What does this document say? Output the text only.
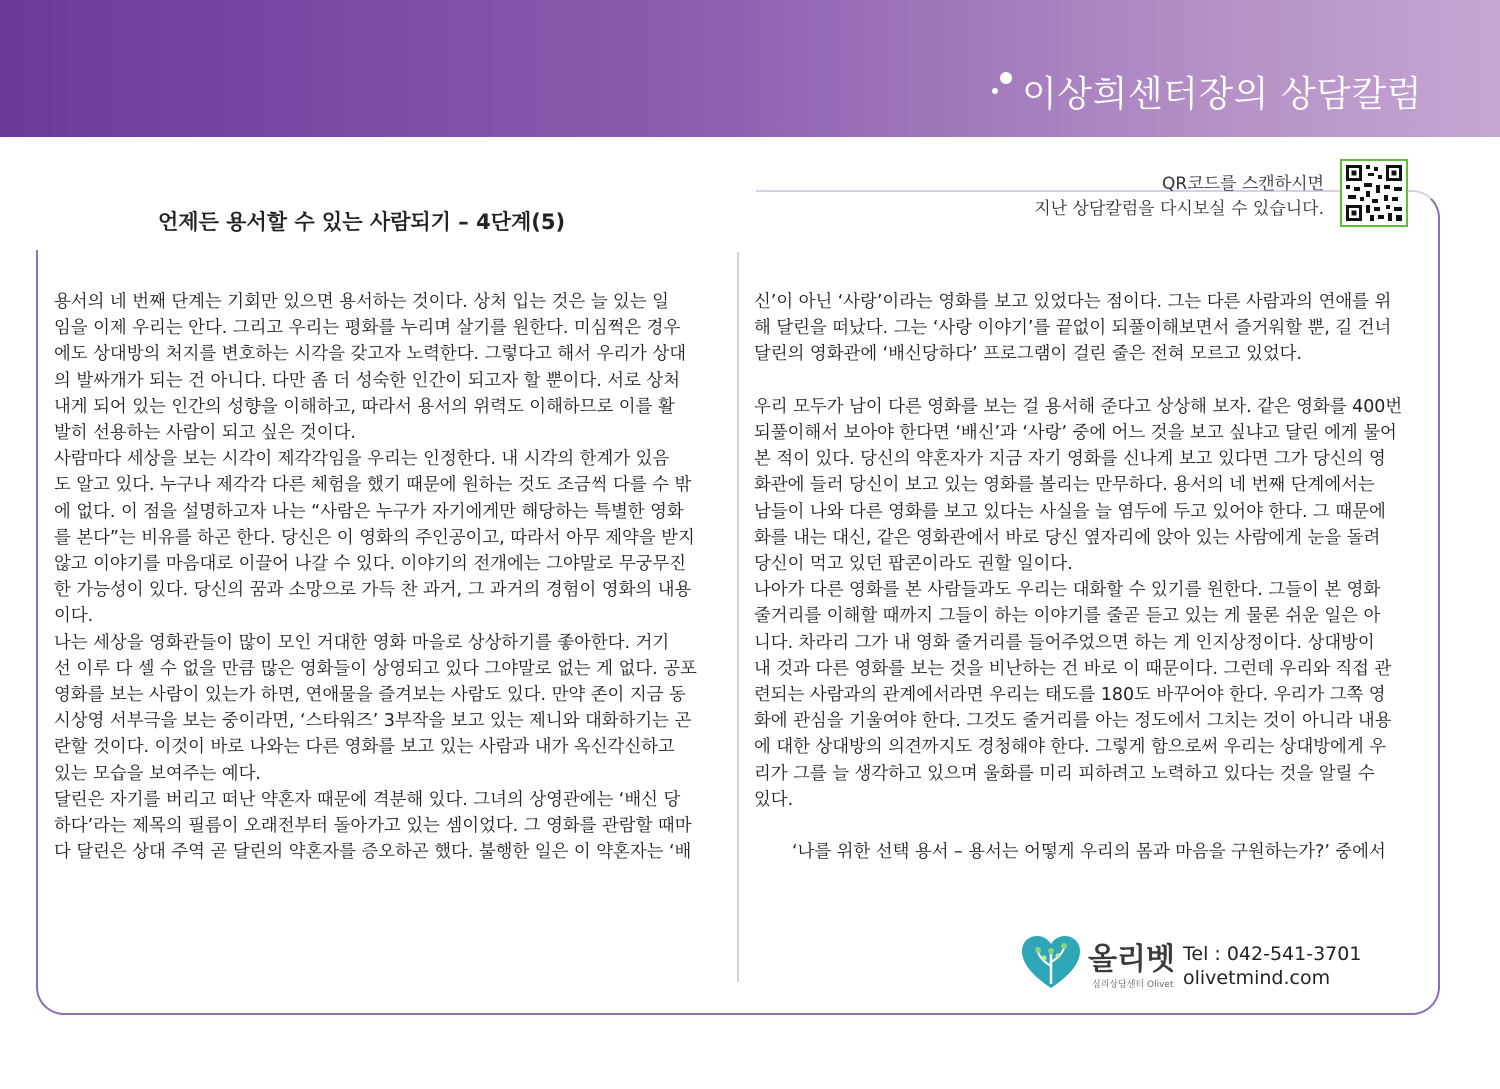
이상희센터장의 상담칼럼
언제든 용서할 수 있는 사람되기 – 4단계(5)
QR코드를 스캔하시면
지난 상담칼럼을 다시보실 수 있습니다.

용서의 네 번째 단계는 기회만 있으면 용서하는 것이다. 상처 입는 것은 늘 있는 일

임을 이제 우리는 안다. 그리고 우리는 평화를 누리며 살기를 원한다. 미심쩍은 경우

에도 상대방의 처지를 변호하는 시각을 갖고자 노력한다. 그렇다고 해서 우리가 상대

의 발싸개가 되는 건 아니다. 다만 좀 더 성숙한 인간이 되고자 할 뿐이다. 서로 상처

내게 되어 있는 인간의 성향을 이해하고, 따라서 용서의 위력도 이해하므로 이를 활

발히 선용하는 사람이 되고 싶은 것이다.

사람마다 세상을 보는 시각이 제각각임을 우리는 인정한다. 내 시각의 한계가 있음

도 알고 있다. 누구나 제각각 다른 체험을 했기 때문에 원하는 것도 조금씩 다를 수 밖

에 없다. 이 점을 설명하고자 나는 “사람은 누구가 자기에게만 해당하는 특별한 영화

를 본다”는 비유를 하곤 한다. 당신은 이 영화의 주인공이고, 따라서 아무 제약을 받지

않고 이야기를 마음대로 이끌어 나갈 수 있다. 이야기의 전개에는 그야말로 무궁무진

한 가능성이 있다. 당신의 꿈과 소망으로 가득 찬 과거, 그 과거의 경험이 영화의 내용

이다.

나는 세상을 영화관들이 많이 모인 거대한 영화 마을로 상상하기를 좋아한다. 거기

선 이루 다 셀 수 없을 만큼 많은 영화들이 상영되고 있다 그야말로 없는 게 없다. 공포

영화를 보는 사람이 있는가 하면, 연애물을 즐겨보는 사람도 있다. 만약 존이 지금 동

시상영 서부극을 보는 중이라면, ‘스타워즈’ 3부작을 보고 있는 제니와 대화하기는 곤

란할 것이다. 이것이 바로 나와는 다른 영화를 보고 있는 사람과 내가 옥신각신하고

있는 모습을 보여주는 예다.

달린은 자기를 버리고 떠난 약혼자 때문에 격분해 있다. 그녀의 상영관에는 ‘배신 당

하다’라는 제목의 필름이 오래전부터 돌아가고 있는 셈이었다. 그 영화를 관람할 때마

다 달린은 상대 주역 곧 달린의 약혼자를 증오하곤 했다. 불행한 일은 이 약혼자는 ‘배

신’이 아닌 ‘사랑’이라는 영화를 보고 있었다는 점이다. 그는 다른 사람과의 연애를 위

해 달린을 떠났다. 그는 ‘사랑 이야기’를 끝없이 되풀이해보면서 즐거워할 뿐, 길 건너

달린의 영화관에 ‘배신당하다’ 프로그램이 걸린 줄은 전혀 모르고 있었다.

우리 모두가 남이 다른 영화를 보는 걸 용서해 준다고 상상해 보자. 같은 영화를 400번

되풀이해서 보아야 한다면 ‘배신’과 ‘사랑’ 중에 어느 것을 보고 싶냐고 달린 에게 물어

본 적이 있다. 당신의 약혼자가 지금 자기 영화를 신나게 보고 있다면 그가 당신의 영

화관에 들러 당신이 보고 있는 영화를 볼리는 만무하다. 용서의 네 번째 단계에서는

남들이 나와 다른 영화를 보고 있다는 사실을 늘 염두에 두고 있어야 한다. 그 때문에

화를 내는 대신, 같은 영화관에서 바로 당신 옆자리에 앉아 있는 사람에게 눈을 돌려

당신이 먹고 있던 팝콘이라도 권할 일이다.

나아가 다른 영화를 본 사람들과도 우리는 대화할 수 있기를 원한다. 그들이 본 영화

줄거리를 이해할 때까지 그들이 하는 이야기를 줄곧 듣고 있는 게 물론 쉬운 일은 아

니다. 차라리 그가 내 영화 줄거리를 들어주었으면 하는 게 인지상정이다. 상대방이

내 것과 다른 영화를 보는 것을 비난하는 건 바로 이 때문이다. 그런데 우리와 직접 관

련되는 사람과의 관계에서라면 우리는 태도를 180도 바꾸어야 한다. 우리가 그쪽 영

화에 관심을 기울여야 한다. 그것도 줄거리를 아는 정도에서 그치는 것이 아니라 내용

에 대한 상대방의 의견까지도 경청해야 한다. 그렇게 함으로써 우리는 상대방에게 우

리가 그를 늘 생각하고 있으며 울화를 미리 피하려고 노력하고 있다는 것을 알릴 수

있다.

‘나를 위한 선택 용서 – 용서는 어떻게 우리의 몸과 마음을 구원하는가?’ 중에서

올리벳
심리상담센터 Olivet
Tel : 042-541-3701
olivetmind.com
